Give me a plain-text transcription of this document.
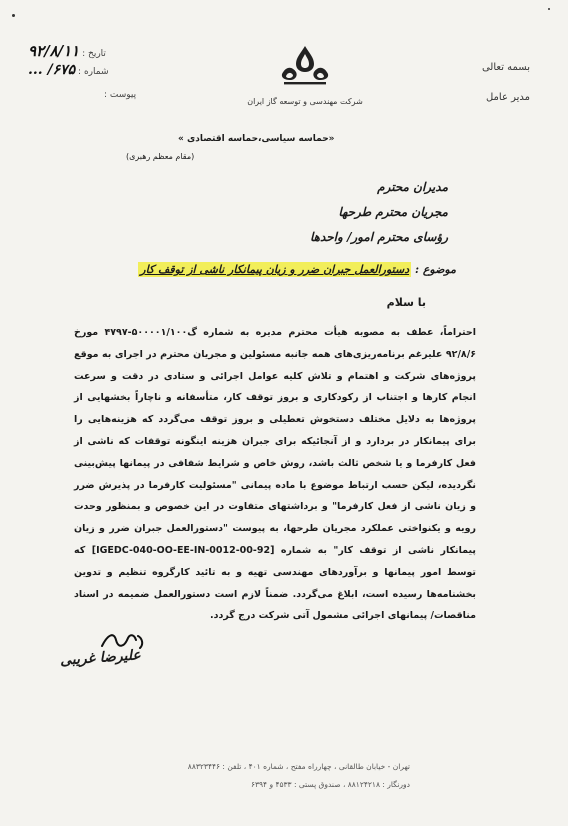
تاریخ : ۹۲/۸/۱۱
شماره : ۶۷۵/ ...
پیوست :
شرکت مهندسی و توسعه گاز ایران
بسمه تعالی
مدیر عامل
«حماسه سیاسی،حماسه اقتصادی »
(مقام معظم رهبری)
مدیران محترم
مجریان محترم طرحها
رؤسای محترم امور/ واحدها
موضوع : دستورالعمل جبران ضرر و زیان پیمانکار ناشی از توقف کار
با سلام

احتراماً، عطف به مصوبه هیأت محترم مدیره به شماره گ۵۰۰۰۰۱/۱۰۰-۴۷۹۷ مورخ ۹۲/۸/۶ علیرغم برنامه‌ریزی‌های همه جانبه مسئولین و مجریان محترم در اجرای به موقع پروژه‌های شرکت و اهتمام و تلاش کلیه عوامل اجرائی و ستادی در دقت و سرعت انجام کارها و اجتناب از رکودکاری و بروز توقف کار، متأسفانه و ناچاراً بخشهایی از پروژه‌ها به دلایل مختلف دستخوش تعطیلی و بروز توقف می‌گردد که هزینه‌هایی را برای پیمانکار در بردارد و از آنجائیکه برای جبران هزینه اینگونه توقفات که ناشی از فعل کارفرما و یا شخص ثالث باشد، روش خاص و شرایط شفافی در پیمانها پیش‌بینی نگردیده، لیکن حسب ارتباط موضوع با ماده پیمانی "مسئولیت کارفرما در پذیرش ضرر و زیان ناشی از فعل کارفرما" و برداشتهای متفاوت در این خصوص و بمنظور وحدت رویه و یکنواختی عملکرد مجریان طرحها، به پیوست "دستورالعمل جبران ضرر و زیان پیمانکار ناشی از توقف کار" به شماره [IGEDC-040-OO-EE-IN-0012-00-92] که توسط امور پیمانها و برآوردهای مهندسی تهیه و به تائید کارگروه تنظیم و تدوین بخشنامه‌ها رسیده است، ابلاغ می‌گردد. ضمناً لازم است دستورالعمل ضمیمه در اسناد مناقصات/ پیمانهای اجرائی مشمول آتی شرکت درج گردد.

علیرضا غریبی
تهران - خیابان طالقانی ، چهارراه مفتح ، شماره ۴۰۱ ، تلفن : ۸۸۳۲۳۴۴۶
دورنگار : ۸۸۱۲۴۲۱۸ ، صندوق پستی : ۴۵۳۳ و ۶۳۹۴
